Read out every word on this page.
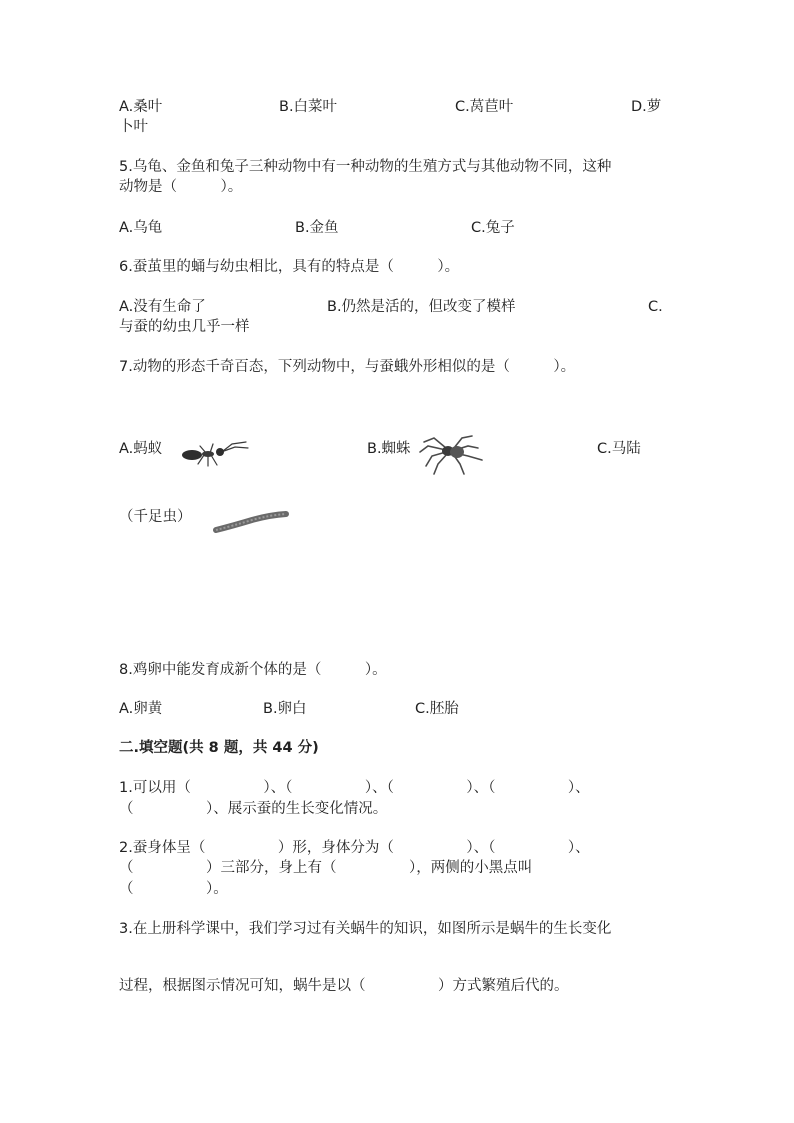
A.桑叶	B.白菜叶	C.莴苣叶	D.萝
卜叶
5.乌龟、金鱼和兔子三种动物中有一种动物的生殖方式与其他动物不同，这种
动物是（　　　）。
A.乌龟	B.金鱼	C.兔子
6.蚕茧里的蛹与幼虫相比，具有的特点是（　　　）。
A.没有生命了	B.仍然是活的，但改变了模样	C.
与蚕的幼虫几乎一样
7.动物的形态千奇百态，下列动物中，与蚕蛾外形相似的是（　　　）。
A.蚂蚁	B.蜘蛛	C.马陆
（千足虫）
8.鸡卵中能发育成新个体的是（　　　）。
A.卵黄	B.卵白	C.胚胎
二.填空题(共 8 题，共 44 分)
1.可以用（　　　　　）、（　　　　　）、（　　　　　）、（　　　　　）、
（　　　　　）、展示蚕的生长变化情况。
2.蚕身体呈（　　　　　）形，身体分为（　　　　　）、（　　　　　）、
（　　　　　）三部分，身上有（　　　　　），两侧的小黑点叫
（　　　　　）。
3.在上册科学课中，我们学习过有关蜗牛的知识，如图所示是蜗牛的生长变化
过程，根据图示情况可知，蜗牛是以（　　　　　）方式繁殖后代的。
